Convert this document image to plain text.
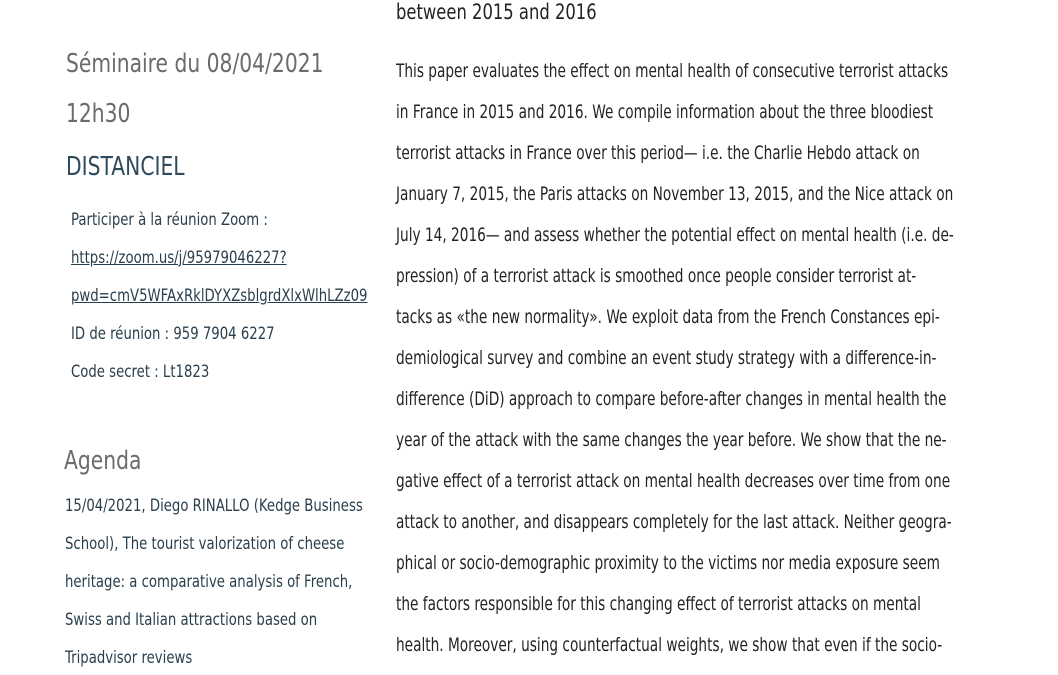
between 2015 and 2016
Séminaire du 08/04/2021
12h30
DISTANCIEL
Participer à la réunion Zoom :
https://zoom.us/j/95979046227?
pwd=cmV5WFAxRklDYXZsblgrdXlxWlhLZz09
ID de réunion : 959 7904 6227
Code secret : Lt1823
Agenda
15/04/2021, Diego RINALLO (Kedge Business
School), The tourist valorization of cheese
heritage: a comparative analysis of French,
Swiss and Italian attractions based on
Tripadvisor reviews
This paper evaluates the effect on mental health of consecutive terrorist attacks
in France in 2015 and 2016. We compile information about the three bloodiest
terrorist attacks in France over this period— i.e. the Charlie Hebdo attack on
January 7, 2015, the Paris attacks on November 13, 2015, and the Nice attack on
July 14, 2016— and assess whether the potential effect on mental health (i.e. de-
pression) of a terrorist attack is smoothed once people consider terrorist at-
tacks as «the new normality». We exploit data from the French Constances epi-
demiological survey and combine an event study strategy with a difference-in-
difference (DiD) approach to compare before-after changes in mental health the
year of the attack with the same changes the year before. We show that the ne-
gative effect of a terrorist attack on mental health decreases over time from one
attack to another, and disappears completely for the last attack. Neither geogra-
phical or socio-demographic proximity to the victims nor media exposure seem
the factors responsible for this changing effect of terrorist attacks on mental
health. Moreover, using counterfactual weights, we show that even if the socio-
